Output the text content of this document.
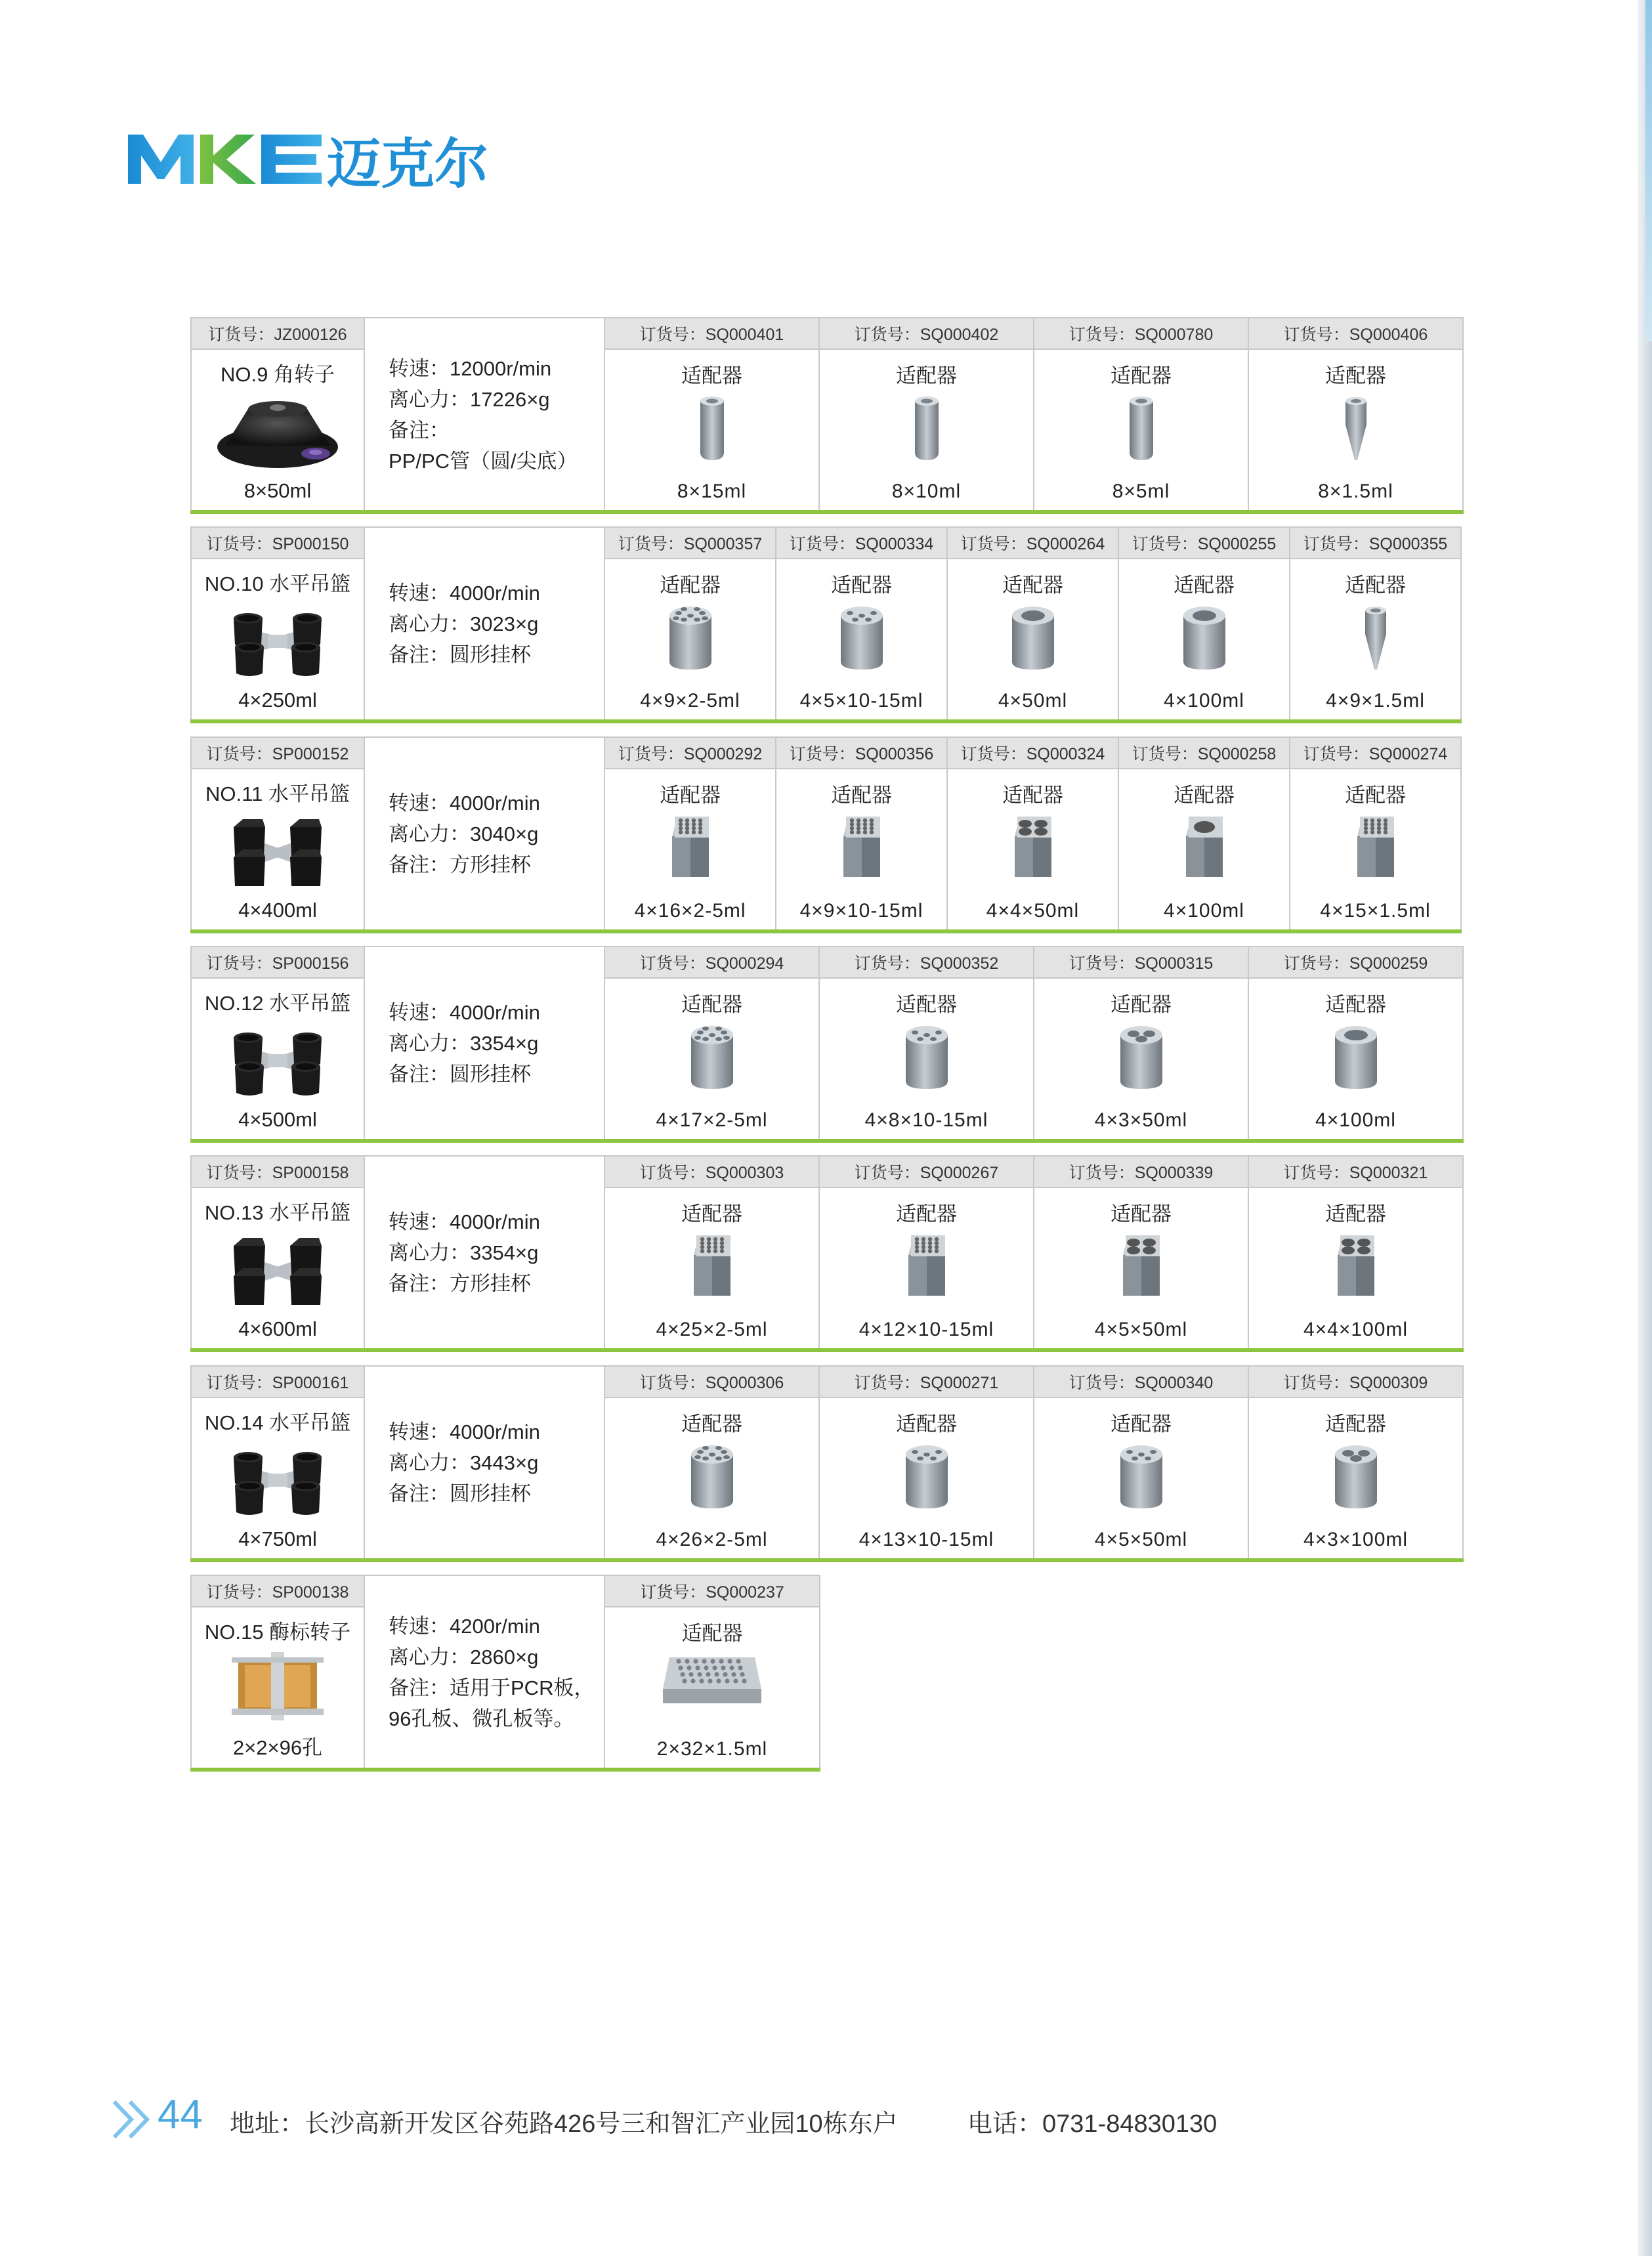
迈克尔
订货号：JZ000126
NO.9 角转子
8×50ml
转速：12000r/min
离心力：17226×g
备注：
PP/PC管（圆/尖底）
订货号：SQ000401
适配器
8×15ml
订货号：SQ000402
适配器
8×10ml
订货号：SQ000780
适配器
8×5ml
订货号：SQ000406
适配器
8×1.5ml
订货号：SP000150
NO.10 水平吊篮
4×250ml
转速：4000r/min
离心力：3023×g
备注：圆形挂杯
订货号：SQ000357
适配器
4×9×2-5ml
订货号：SQ000334
适配器
4×5×10-15ml
订货号：SQ000264
适配器
4×50ml
订货号：SQ000255
适配器
4×100ml
订货号：SQ000355
适配器
4×9×1.5ml
订货号：SP000152
NO.11 水平吊篮
4×400ml
转速：4000r/min
离心力：3040×g
备注：方形挂杯
订货号：SQ000292
适配器
4×16×2-5ml
订货号：SQ000356
适配器
4×9×10-15ml
订货号：SQ000324
适配器
4×4×50ml
订货号：SQ000258
适配器
4×100ml
订货号：SQ000274
适配器
4×15×1.5ml
订货号：SP000156
NO.12 水平吊篮
4×500ml
转速：4000r/min
离心力：3354×g
备注：圆形挂杯
订货号：SQ000294
适配器
4×17×2-5ml
订货号：SQ000352
适配器
4×8×10-15ml
订货号：SQ000315
适配器
4×3×50ml
订货号：SQ000259
适配器
4×100ml
订货号：SP000158
NO.13 水平吊篮
4×600ml
转速：4000r/min
离心力：3354×g
备注：方形挂杯
订货号：SQ000303
适配器
4×25×2-5ml
订货号：SQ000267
适配器
4×12×10-15ml
订货号：SQ000339
适配器
4×5×50ml
订货号：SQ000321
适配器
4×4×100ml
订货号：SP000161
NO.14 水平吊篮
4×750ml
转速：4000r/min
离心力：3443×g
备注：圆形挂杯
订货号：SQ000306
适配器
4×26×2-5ml
订货号：SQ000271
适配器
4×13×10-15ml
订货号：SQ000340
适配器
4×5×50ml
订货号：SQ000309
适配器
4×3×100ml
订货号：SP000138
NO.15 酶标转子
2×2×96孔
转速：4200r/min
离心力：2860×g
备注：适用于PCR板，
96孔板、微孔板等。
订货号：SQ000237
适配器
2×32×1.5ml
44 地址：长沙高新开发区谷苑路426号三和智汇产业园10栋东户	电话：0731-84830130
